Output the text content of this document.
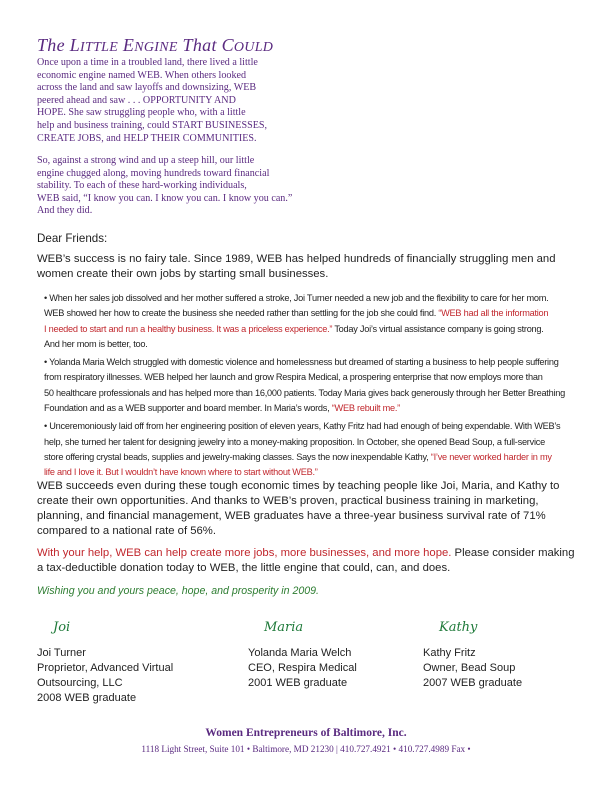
The LITTLE ENGINE That COULD
Once upon a time in a troubled land, there lived a little
economic engine named WEB. When others looked
across the land and saw layoffs and downsizing, WEB
peered ahead and saw . . . OPPORTUNITY AND
HOPE. She saw struggling people who, with a little
help and business training, could START BUSINESSES,
CREATE JOBS, and HELP THEIR COMMUNITIES.
So, against a strong wind and up a steep hill, our little
engine chugged along, moving hundreds toward financial
stability. To each of these hard-working individuals,
WEB said, “I know you can. I know you can. I know you can.”
And they did.
Dear Friends:
WEB’s success is no fairy tale. Since 1989, WEB has helped hundreds of financially struggling men and women create their own jobs by starting small businesses.
• When her sales job dissolved and her mother suffered a stroke, Joi Turner needed a new job and the flexibility to care for her mom.
WEB showed her how to create the business she needed rather than settling for the job she could find. “WEB had all the information
I needed to start and run a healthy business. It was a priceless experience.” Today Joi’s virtual assistance company is going strong.
And her mom is better, too.
• Yolanda Maria Welch struggled with domestic violence and homelessness but dreamed of starting a business to help people suffering
from respiratory illnesses. WEB helped her launch and grow Respira Medical, a prospering enterprise that now employs more than
50 healthcare professionals and has helped more than 16,000 patients. Today Maria gives back generously through her Better Breathing
Foundation and as a WEB supporter and board member. In Maria’s words, “WEB rebuilt me.”
• Unceremoniously laid off from her engineering position of eleven years, Kathy Fritz had had enough of being expendable. With WEB’s
help, she turned her talent for designing jewelry into a money-making proposition. In October, she opened Bead Soup, a full-service
store offering crystal beads, supplies and jewelry-making classes. Says the now inexpendable Kathy, “I’ve never worked harder in my
life and I love it. But I wouldn’t have known where to start without WEB.”
WEB succeeds even during these tough economic times by teaching people like Joi, Maria, and Kathy to create their own opportunities. And thanks to WEB’s proven, practical business training in marketing, planning, and financial management, WEB graduates have a three-year business survival rate of 71% compared to a national rate of 56%.
With your help, WEB can help create more jobs, more businesses, and more hope. Please consider making a tax-deductible donation today to WEB, the little engine that could, can, and does.
Wishing you and yours peace, hope, and prosperity in 2009.
Joi
Joi Turner
Proprietor, Advanced Virtual
Outsourcing, LLC
2008 WEB graduate
Maria
Yolanda Maria Welch
CEO, Respira Medical
2001 WEB graduate
Kathy
Kathy Fritz
Owner, Bead Soup
2007 WEB graduate
Women Entrepreneurs of Baltimore, Inc.
1118 Light Street, Suite 101 • Baltimore, MD 21230 | 410.727.4921 • 410.727.4989 Fax •
